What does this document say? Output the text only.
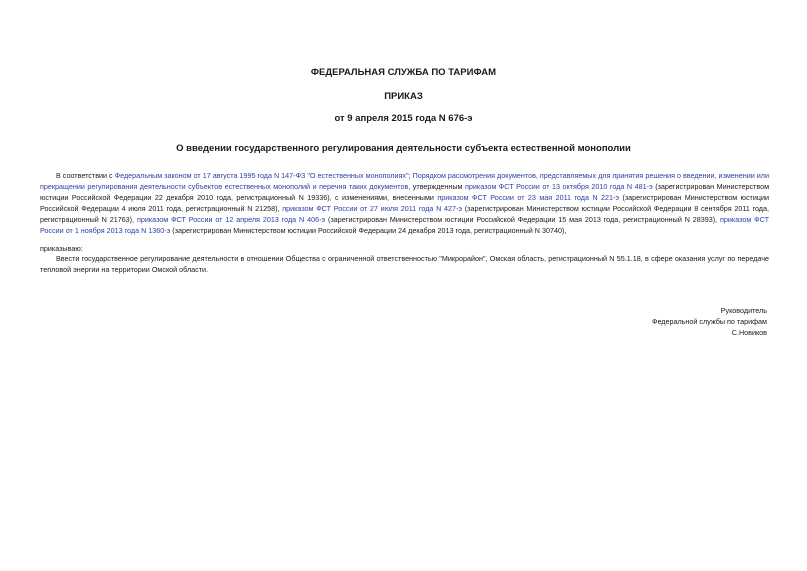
ФЕДЕРАЛЬНАЯ СЛУЖБА ПО ТАРИФАМ
ПРИКАЗ
от 9 апреля 2015 года N 676-э
О введении государственного регулирования деятельности субъекта естественной монополии

В соответствии с Федеральным законом от 17 августа 1995 года N 147-ФЗ "О естественных монополиях"; Порядком рассмотрения документов, представляемых для принятия решения о введении, изменении или прекращении регулирования деятельности субъектов естественных монополий и перечня таких документов, утвержденным приказом ФСТ России от 13 октября 2010 года N 481-э (зарегистрирован Министерством юстиции Российской Федерации 22 декабря 2010 года, регистрационный N 19336), с изменениями, внесенными приказом ФСТ России от 23 мая 2011 года N 221-э (зарегистрирован Министерством юстиции Российской Федерации 4 июля 2011 года, регистрационный N 21258), приказом ФСТ России от 27 июля 2011 года N 427-э (зарегистрирован Министерством юстиции Российской Федерации 8 сентября 2011 года, регистрационный N 21763), приказом ФСТ России от 12 апреля 2013 года N 406-э (зарегистрирован Министерством юстиции Российской Федерации 15 мая 2013 года, регистрационный N 28393), приказом ФСТ России от 1 ноября 2013 года N 1360-э (зарегистрирован Министерством юстиции Российской Федерации 24 декабря 2013 года, регистрационный N 30740),

приказываю:
Ввести государственное регулирование деятельности в отношении Общества с ограниченной ответственностью "Микрорайон", Омская область, регистрационный N 55.1.18, в сфере оказания услуг по передаче тепловой энергии на территории Омской области.
Руководитель
Федеральной службы по тарифам
С.Новиков
